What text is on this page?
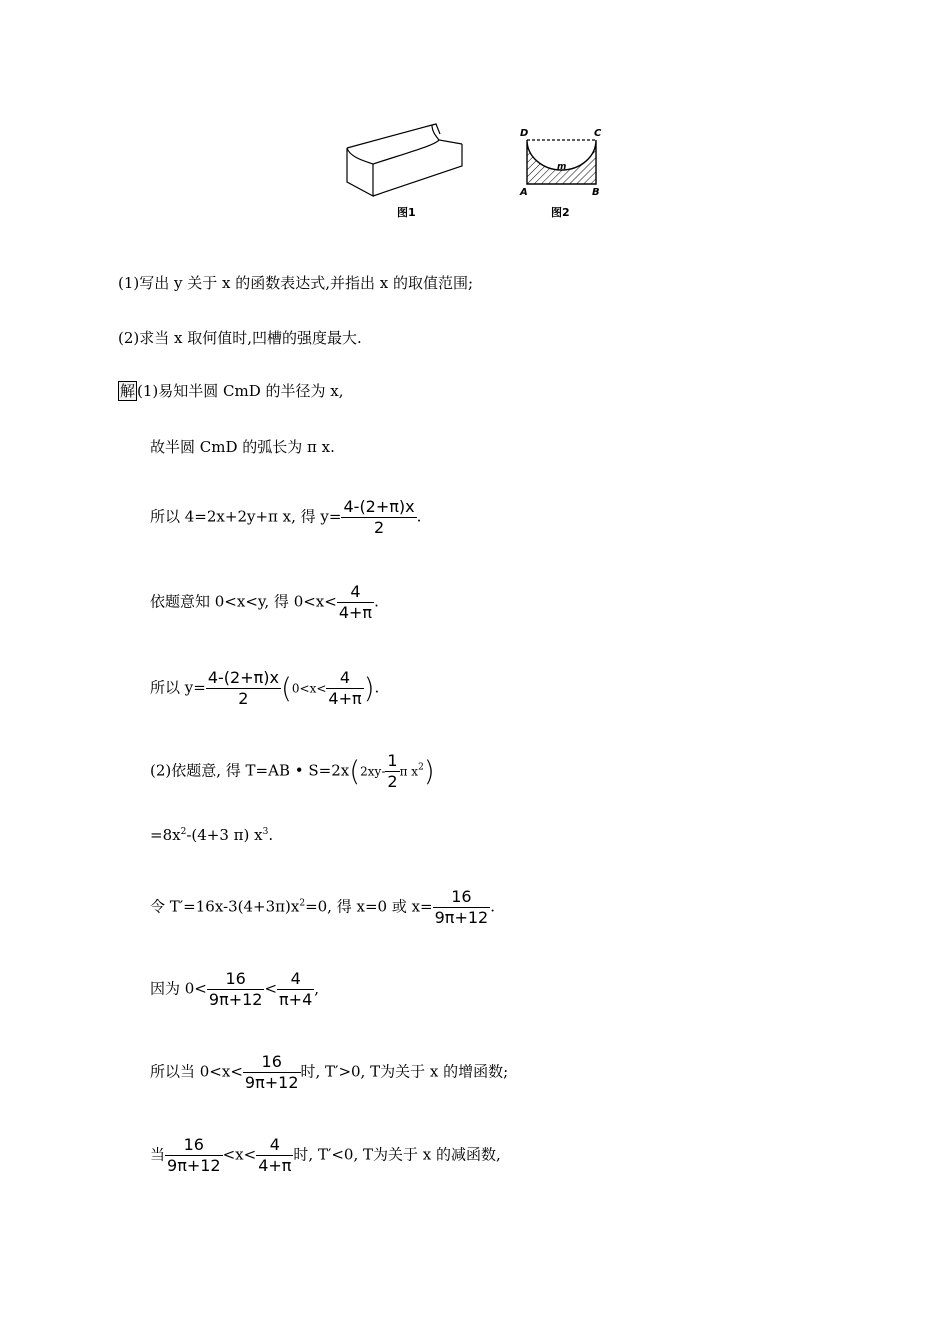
图1
D	C
A	B
m
图2
(1)写出 y 关于 x 的函数表达式,并指出 x 的取值范围;
(2)求当 x 取何值时,凹槽的强度最大.
解 (1)易知半圆 CmD 的半径为 x,
故半圆 CmD 的弧长为 π x.
所以 4=2x+2y+π x, 得 $y= \frac{4-(2+\pi)x}{2}$ .
依题意知 0<x<y, 得 $0<x< \frac{4}{4+\pi}$ .
所以 $y= \frac{4-(2+\pi)x}{2} (0<x< \frac{4}{4+\pi}$ ).
(2)依题意, 得 T=AB • $S=2x(2xy- \frac{1}{2}$ π $x^2$)
$=8x^2-(4+3$ π) $x^3$.
令 $T'=16x-3(4+3\pi)x^2=0$, 得 x=0 或 $x= \frac{16}{9\pi+12}$ .
因为 $0< \frac{16}{9\pi+12} < \frac{4}{\pi+4}$ ,
所以当 $0<x< \frac{16}{9\pi+12}$ 时, T′>0, T为关于 x 的增函数;
当 $\frac{16}{9\pi+12} <x< \frac{4}{4+\pi}$ 时, T′<0, T为关于 x 的减函数,
